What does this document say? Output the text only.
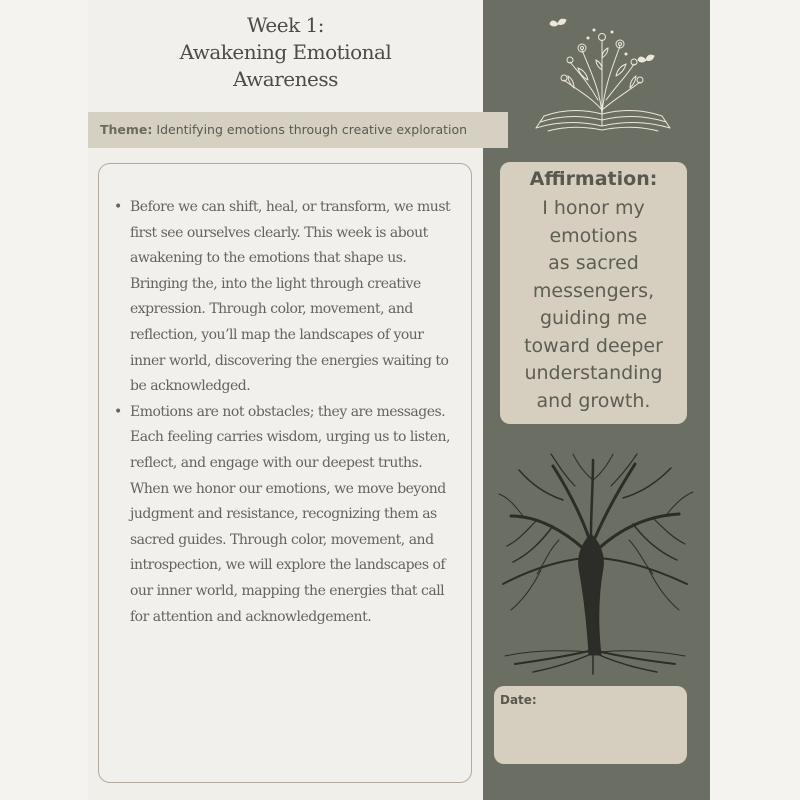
Week 1:
Awakening Emotional
Awareness
Theme: Identifying emotions through creative exploration
• Before we can shift, heal, or transform, we must first see ourselves clearly. This week is about awakening to the emotions that shape us. Bringing the, into the light through creative expression. Through color, movement, and reflection, you’ll map the landscapes of your inner world, discovering the energies waiting to be acknowledged.
• Emotions are not obstacles; they are messages. Each feeling carries wisdom, urging us to listen, reflect, and engage with our deepest truths. When we honor our emotions, we move beyond judgment and resistance, recognizing them as sacred guides. Through color, movement, and introspection, we will explore the landscapes of our inner world, mapping the energies that call for attention and acknowledgement.
Affirmation:
I honor my
emotions
as sacred
messengers,
guiding me
toward deeper
understanding
and growth.
Date:
